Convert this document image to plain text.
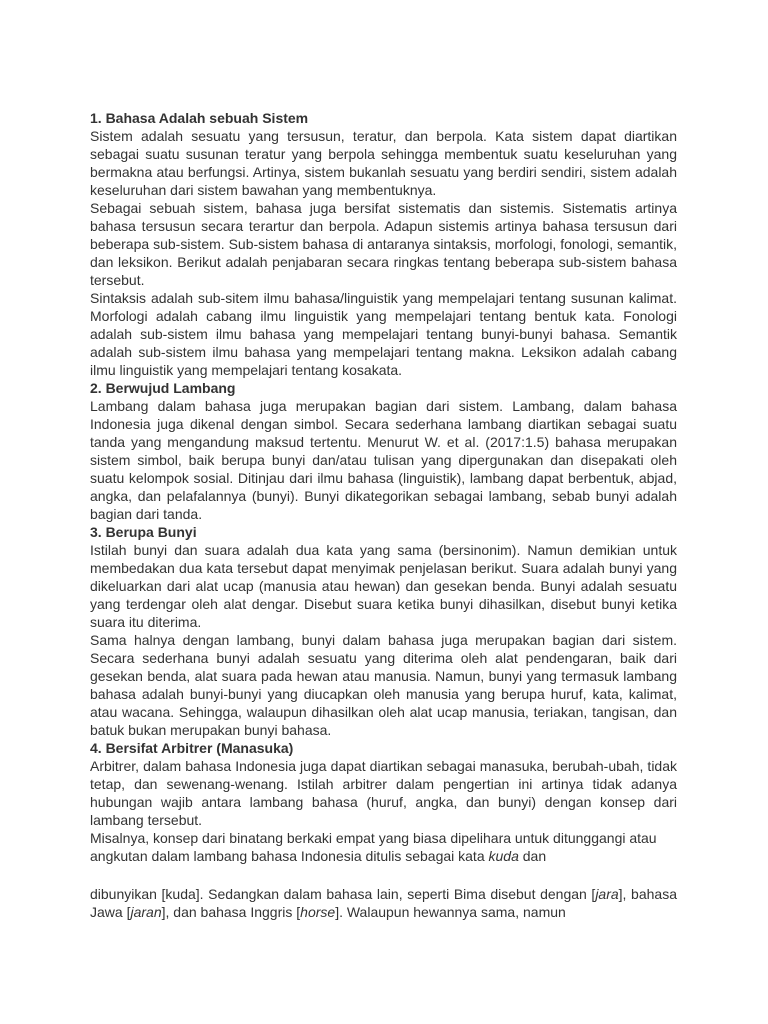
1. Bahasa Adalah sebuah Sistem

Sistem adalah sesuatu yang tersusun, teratur, dan berpola. Kata sistem dapat diartikan sebagai suatu susunan teratur yang berpola sehingga membentuk suatu keseluruhan yang bermakna atau berfungsi. Artinya, sistem bukanlah sesuatu yang berdiri sendiri, sistem adalah keseluruhan dari sistem bawahan yang membentuknya.

Sebagai sebuah sistem, bahasa juga bersifat sistematis dan sistemis. Sistematis artinya bahasa tersusun secara terartur dan berpola. Adapun sistemis artinya bahasa tersusun dari beberapa sub-sistem. Sub-sistem bahasa di antaranya sintaksis, morfologi, fonologi, semantik, dan leksikon. Berikut adalah penjabaran secara ringkas tentang beberapa sub-sistem bahasa tersebut.

Sintaksis adalah sub-sitem ilmu bahasa/linguistik yang mempelajari tentang susunan kalimat. Morfologi adalah cabang ilmu linguistik yang mempelajari tentang bentuk kata. Fonologi adalah sub-sistem ilmu bahasa yang mempelajari tentang bunyi-bunyi bahasa. Semantik adalah sub-sistem ilmu bahasa yang mempelajari tentang makna. Leksikon adalah cabang ilmu linguistik yang mempelajari tentang kosakata.

2. Berwujud Lambang

Lambang dalam bahasa juga merupakan bagian dari sistem. Lambang, dalam bahasa Indonesia juga dikenal dengan simbol. Secara sederhana lambang diartikan sebagai suatu tanda yang mengandung maksud tertentu. Menurut W. et al. (2017:1.5) bahasa merupakan sistem simbol, baik berupa bunyi dan/atau tulisan yang dipergunakan dan disepakati oleh suatu kelompok sosial. Ditinjau dari ilmu bahasa (linguistik), lambang dapat berbentuk, abjad, angka, dan pelafalannya (bunyi). Bunyi dikategorikan sebagai lambang, sebab bunyi adalah bagian dari tanda.

3. Berupa Bunyi

Istilah bunyi dan suara adalah dua kata yang sama (bersinonim). Namun demikian untuk membedakan dua kata tersebut dapat menyimak penjelasan berikut. Suara adalah bunyi yang dikeluarkan dari alat ucap (manusia atau hewan) dan gesekan benda. Bunyi adalah sesuatu yang terdengar oleh alat dengar. Disebut suara ketika bunyi dihasilkan, disebut bunyi ketika suara itu diterima.

Sama halnya dengan lambang, bunyi dalam bahasa juga merupakan bagian dari sistem. Secara sederhana bunyi adalah sesuatu yang diterima oleh alat pendengaran, baik dari gesekan benda, alat suara pada hewan atau manusia. Namun, bunyi yang termasuk lambang bahasa adalah bunyi-bunyi yang diucapkan oleh manusia yang berupa huruf, kata, kalimat, atau wacana. Sehingga, walaupun dihasilkan oleh alat ucap manusia, teriakan, tangisan, dan batuk bukan merupakan bunyi bahasa.

4. Bersifat Arbitrer (Manasuka)

Arbitrer, dalam bahasa Indonesia juga dapat diartikan sebagai manasuka, berubah-ubah, tidak tetap, dan sewenang-wenang. Istilah arbitrer dalam pengertian ini artinya tidak adanya hubungan wajib antara lambang bahasa (huruf, angka, dan bunyi) dengan konsep dari lambang tersebut.

Misalnya, konsep dari binatang berkaki empat yang biasa dipelihara untuk ditunggangi atau angkutan dalam lambang bahasa Indonesia ditulis sebagai kata kuda dan

dibunyikan [kuda]. Sedangkan dalam bahasa lain, seperti Bima disebut dengan [jara], bahasa Jawa [jaran], dan bahasa Inggris [horse]. Walaupun hewannya sama, namun
